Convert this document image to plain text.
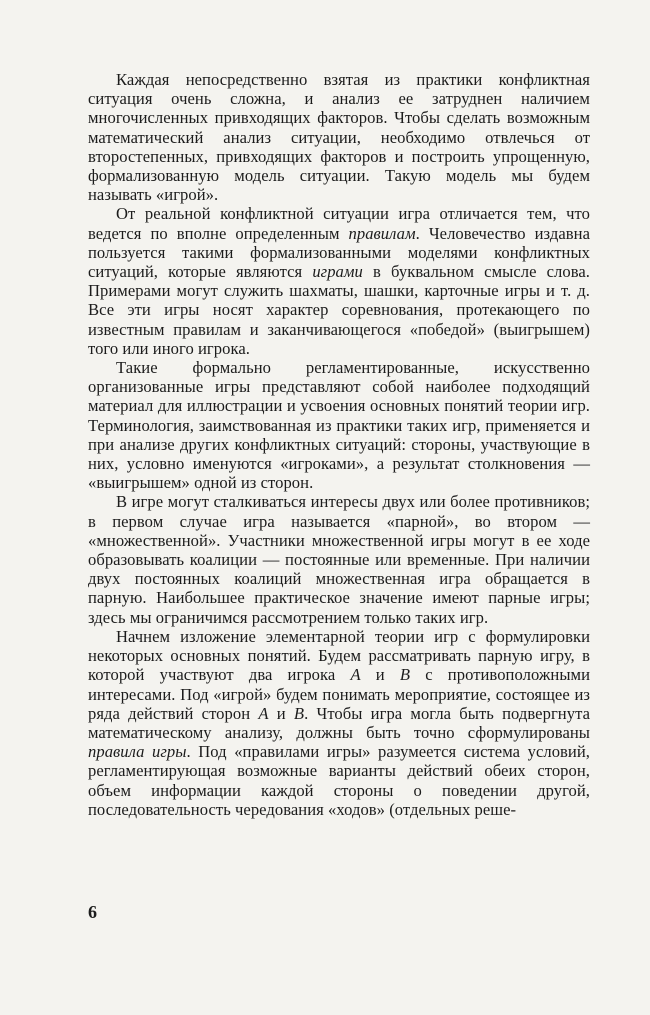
Каждая непосредственно взятая из практики конфликтная ситуация очень сложна, и анализ ее затруднен наличием многочисленных привходящих факторов. Чтобы сделать возможным математический анализ ситуации, необходимо отвлечься от второстепенных, привходящих факторов и построить упрощенную, формализованную модель ситуации. Такую модель мы будем называть «игрой».

От реальной конфликтной ситуации игра отличается тем, что ведется по вполне определенным правилам. Человечество издавна пользуется такими формализованными моделями конфликтных ситуаций, которые являются играми в буквальном смысле слова. Примерами могут служить шахматы, шашки, карточные игры и т. д. Все эти игры носят характер соревнования, протекающего по известным правилам и заканчивающегося «победой» (выигрышем) того или иного игрока.

Такие формально регламентированные, искусственно организованные игры представляют собой наиболее подходящий материал для иллюстрации и усвоения основных понятий теории игр. Терминология, заимствованная из практики таких игр, применяется и при анализе других конфликтных ситуаций: стороны, участвующие в них, условно именуются «игроками», а результат столкновения — «выигрышем» одной из сторон.

В игре могут сталкиваться интересы двух или более противников; в первом случае игра называется «парной», во втором — «множественной». Участники множественной игры могут в ее ходе образовывать коалиции — постоянные или временные. При наличии двух постоянных коалиций множественная игра обращается в парную. Наибольшее практическое значение имеют парные игры; здесь мы ограничимся рассмотрением только таких игр.

Начнем изложение элементарной теории игр с формулировки некоторых основных понятий. Будем рассматривать парную игру, в которой участвуют два игрока A и B с противоположными интересами. Под «игрой» будем понимать мероприятие, состоящее из ряда действий сторон A и B. Чтобы игра могла быть подвергнута математическому анализу, должны быть точно сформулированы правила игры. Под «правилами игры» разумеется система условий, регламентирующая возможные варианты действий обеих сторон, объем информации каждой стороны о поведении другой, последовательность чередования «ходов» (отдельных реше-

6
